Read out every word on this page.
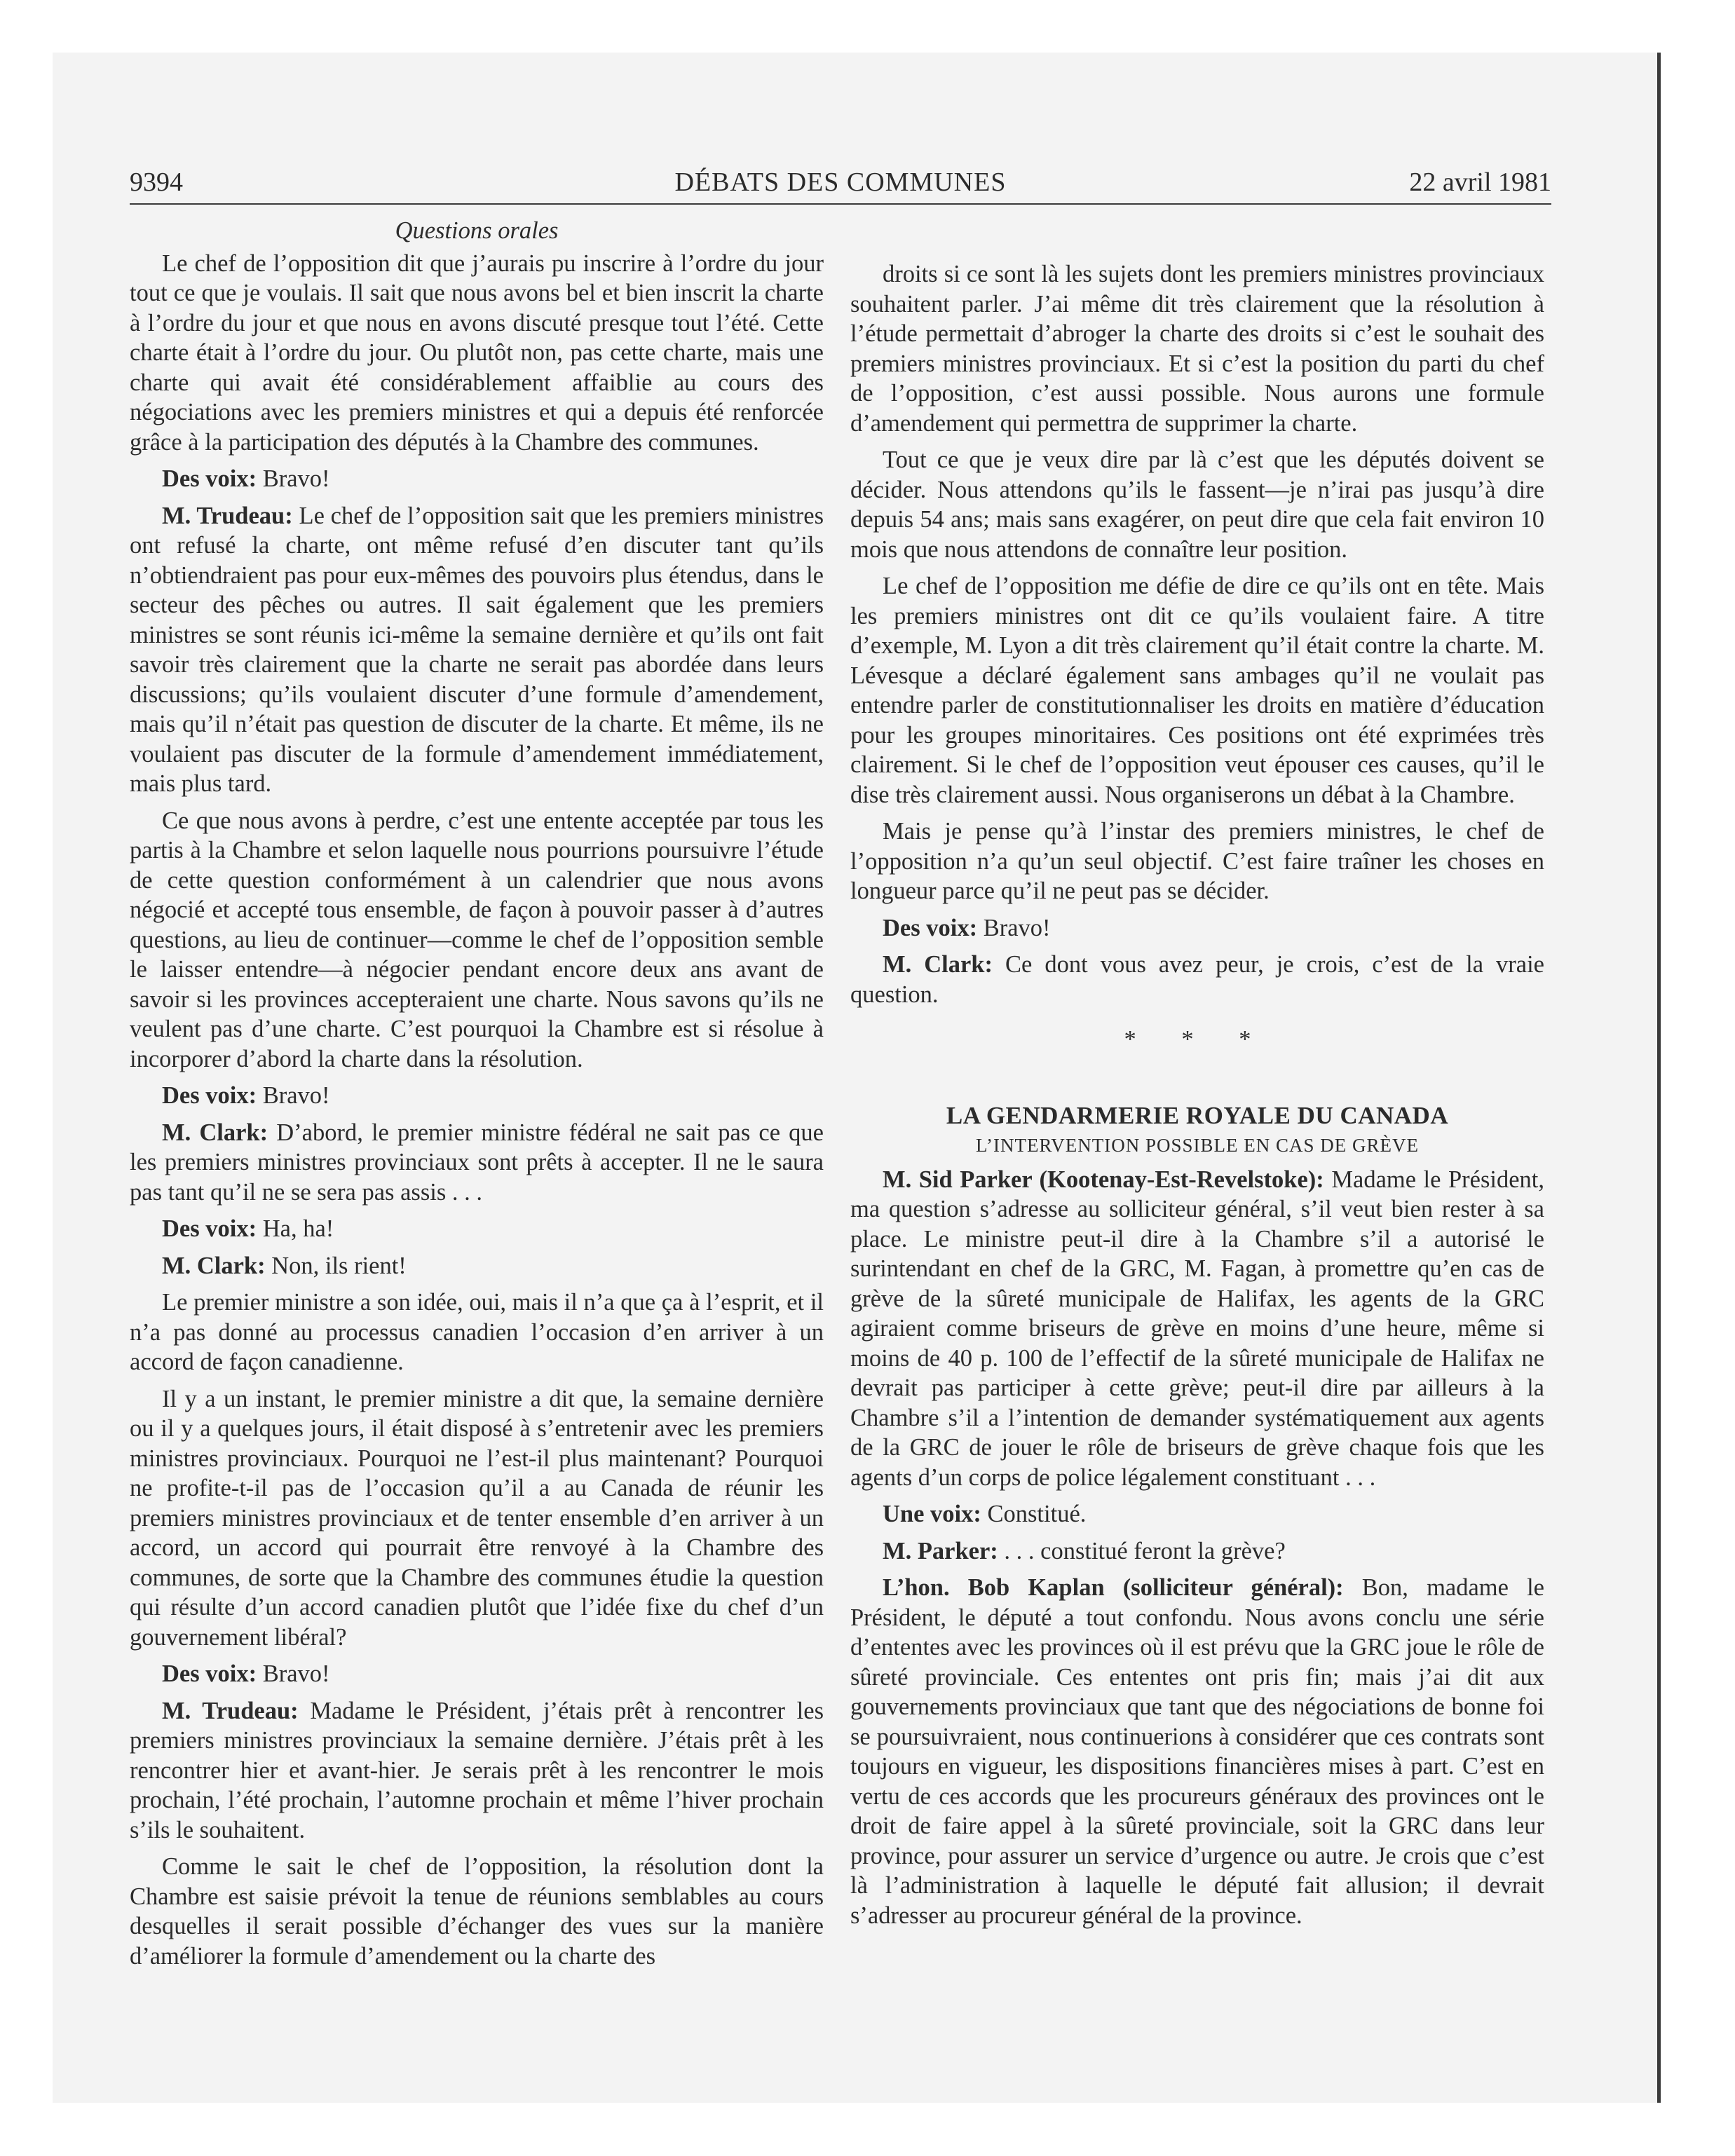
9394	DÉBATS DES COMMUNES	22 avril 1981
Questions orales

Le chef de l’opposition dit que j’aurais pu inscrire à l’ordre du jour tout ce que je voulais. Il sait que nous avons bel et bien inscrit la charte à l’ordre du jour et que nous en avons discuté presque tout l’été. Cette charte était à l’ordre du jour. Ou plutôt non, pas cette charte, mais une charte qui avait été considérablement affaiblie au cours des négociations avec les premiers ministres et qui a depuis été renforcée grâce à la participation des députés à la Chambre des communes.

Des voix: Bravo!

M. Trudeau: Le chef de l’opposition sait que les premiers ministres ont refusé la charte, ont même refusé d’en discuter tant qu’ils n’obtiendraient pas pour eux-mêmes des pouvoirs plus étendus, dans le secteur des pêches ou autres. Il sait également que les premiers ministres se sont réunis ici-même la semaine dernière et qu’ils ont fait savoir très clairement que la charte ne serait pas abordée dans leurs discussions; qu’ils voulaient discuter d’une formule d’amendement, mais qu’il n’était pas question de discuter de la charte. Et même, ils ne voulaient pas discuter de la formule d’amendement immédiatement, mais plus tard.

Ce que nous avons à perdre, c’est une entente acceptée par tous les partis à la Chambre et selon laquelle nous pourrions poursuivre l’étude de cette question conformément à un calendrier que nous avons négocié et accepté tous ensemble, de façon à pouvoir passer à d’autres questions, au lieu de continuer—comme le chef de l’opposition semble le laisser entendre—à négocier pendant encore deux ans avant de savoir si les provinces accepteraient une charte. Nous savons qu’ils ne veulent pas d’une charte. C’est pourquoi la Chambre est si résolue à incorporer d’abord la charte dans la résolution.

Des voix: Bravo!

M. Clark: D’abord, le premier ministre fédéral ne sait pas ce que les premiers ministres provinciaux sont prêts à accepter. Il ne le saura pas tant qu’il ne se sera pas assis . . .

Des voix: Ha, ha!

M. Clark: Non, ils rient!

Le premier ministre a son idée, oui, mais il n’a que ça à l’esprit, et il n’a pas donné au processus canadien l’occasion d’en arriver à un accord de façon canadienne.

Il y a un instant, le premier ministre a dit que, la semaine dernière ou il y a quelques jours, il était disposé à s’entretenir avec les premiers ministres provinciaux. Pourquoi ne l’est-il plus maintenant? Pourquoi ne profite-t-il pas de l’occasion qu’il a au Canada de réunir les premiers ministres provinciaux et de tenter ensemble d’en arriver à un accord, un accord qui pourrait être renvoyé à la Chambre des communes, de sorte que la Chambre des communes étudie la question qui résulte d’un accord canadien plutôt que l’idée fixe du chef d’un gouvernement libéral?

Des voix: Bravo!

M. Trudeau: Madame le Président, j’étais prêt à rencontrer les premiers ministres provinciaux la semaine dernière. J’étais prêt à les rencontrer hier et avant-hier. Je serais prêt à les rencontrer le mois prochain, l’été prochain, l’automne prochain et même l’hiver prochain s’ils le souhaitent.

Comme le sait le chef de l’opposition, la résolution dont la Chambre est saisie prévoit la tenue de réunions semblables au cours desquelles il serait possible d’échanger des vues sur la manière d’améliorer la formule d’amendement ou la charte des

droits si ce sont là les sujets dont les premiers ministres provinciaux souhaitent parler. J’ai même dit très clairement que la résolution à l’étude permettait d’abroger la charte des droits si c’est le souhait des premiers ministres provinciaux. Et si c’est la position du parti du chef de l’opposition, c’est aussi possible. Nous aurons une formule d’amendement qui permettra de supprimer la charte.

Tout ce que je veux dire par là c’est que les députés doivent se décider. Nous attendons qu’ils le fassent—je n’irai pas jusqu’à dire depuis 54 ans; mais sans exagérer, on peut dire que cela fait environ 10 mois que nous attendons de connaître leur position.

Le chef de l’opposition me défie de dire ce qu’ils ont en tête. Mais les premiers ministres ont dit ce qu’ils voulaient faire. A titre d’exemple, M. Lyon a dit très clairement qu’il était contre la charte. M. Lévesque a déclaré également sans ambages qu’il ne voulait pas entendre parler de constitutionnaliser les droits en matière d’éducation pour les groupes minoritaires. Ces positions ont été exprimées très clairement. Si le chef de l’opposition veut épouser ces causes, qu’il le dise très clairement aussi. Nous organiserons un débat à la Chambre.

Mais je pense qu’à l’instar des premiers ministres, le chef de l’opposition n’a qu’un seul objectif. C’est faire traîner les choses en longueur parce qu’il ne peut pas se décider.

Des voix: Bravo!

M. Clark: Ce dont vous avez peur, je crois, c’est de la vraie question.

* * *
LA GENDARMERIE ROYALE DU CANADA
L’INTERVENTION POSSIBLE EN CAS DE GRÈVE

M. Sid Parker (Kootenay-Est-Revelstoke): Madame le Président, ma question s’adresse au solliciteur général, s’il veut bien rester à sa place. Le ministre peut-il dire à la Chambre s’il a autorisé le surintendant en chef de la GRC, M. Fagan, à promettre qu’en cas de grève de la sûreté municipale de Halifax, les agents de la GRC agiraient comme briseurs de grève en moins d’une heure, même si moins de 40 p. 100 de l’effectif de la sûreté municipale de Halifax ne devrait pas participer à cette grève; peut-il dire par ailleurs à la Chambre s’il a l’intention de demander systématiquement aux agents de la GRC de jouer le rôle de briseurs de grève chaque fois que les agents d’un corps de police légalement constituant . . .

Une voix: Constitué.

M. Parker: . . . constitué feront la grève?

L’hon. Bob Kaplan (solliciteur général): Bon, madame le Président, le député a tout confondu. Nous avons conclu une série d’ententes avec les provinces où il est prévu que la GRC joue le rôle de sûreté provinciale. Ces ententes ont pris fin; mais j’ai dit aux gouvernements provinciaux que tant que des négociations de bonne foi se poursuivraient, nous continuerions à considérer que ces contrats sont toujours en vigueur, les dispositions financières mises à part. C’est en vertu de ces accords que les procureurs généraux des provinces ont le droit de faire appel à la sûreté provinciale, soit la GRC dans leur province, pour assurer un service d’urgence ou autre. Je crois que c’est là l’administration à laquelle le député fait allusion; il devrait s’adresser au procureur général de la province.
